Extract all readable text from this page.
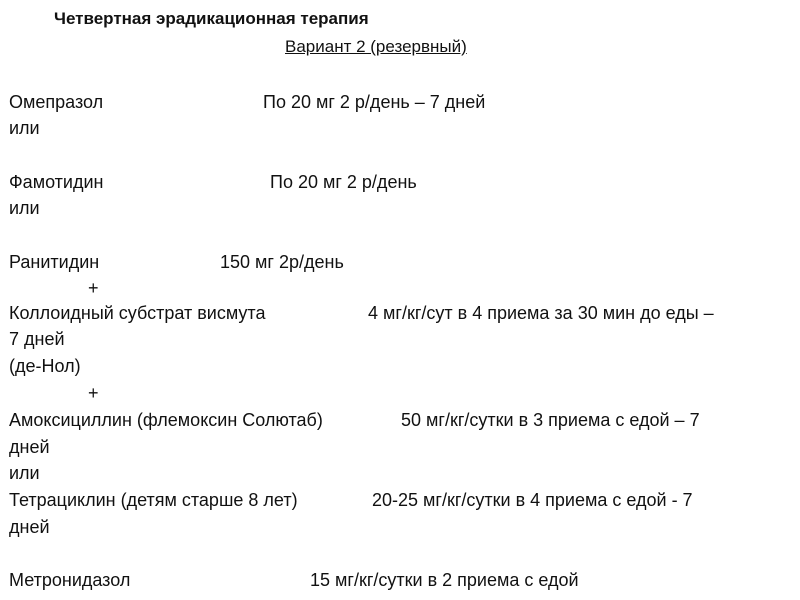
Четвертная эрадикационная терапия
Вариант 2 (резервный)
Омепразол	По 20 мг 2 р/день – 7 дней
или
Фамотидин	По 20 мг 2 р/день
или
Ранитидин	150 мг 2р/день
+
Коллоидный субстрат висмута	4 мг/кг/сут в 4 приема за 30 мин до еды –
7 дней
(де-Нол)
+
Амоксициллин (флемоксин Солютаб)	50 мг/кг/сутки в 3 приема с едой – 7
дней
или
Тетрациклин (детям старше 8 лет)	20-25 мг/кг/сутки в 4 приема с едой - 7
дней
Метронидазол	15 мг/кг/сутки в 2 приема с едой
